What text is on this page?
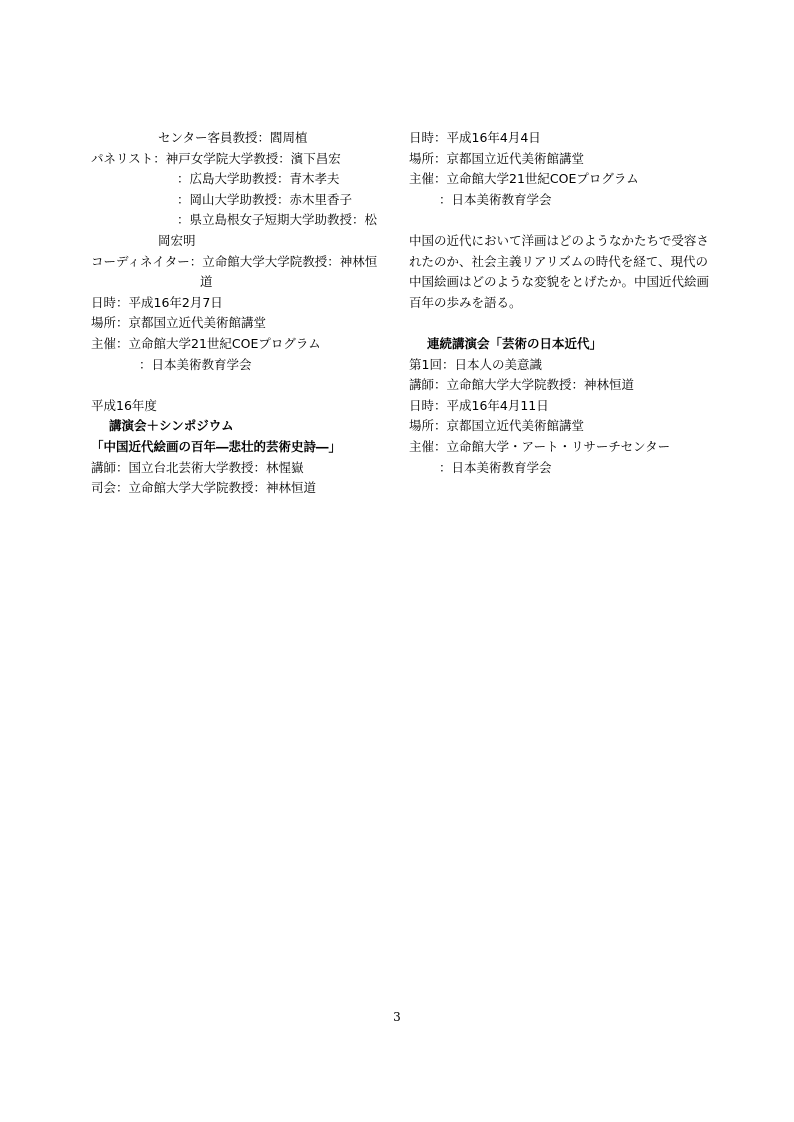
センター客員教授：閻周植
パネリスト：神戸女学院大学教授：濱下昌宏
：広島大学助教授：青木孝夫
：岡山大学助教授：赤木里香子
：県立島根女子短期大学助教授：松
岡宏明
コーディネイター：立命館大学大学院教授：神林恒
道
日時：平成16年2月7日
場所：京都国立近代美術館講堂
主催：立命館大学21世紀COEプログラム
：日本美術教育学会
平成16年度
講演会＋シンポジウム
「中国近代絵画の百年―悲壮的芸術史詩―」
講師：国立台北芸術大学教授：林惺嶽
司会：立命館大学大学院教授：神林恒道
日時：平成16年4月4日
場所：京都国立近代美術館講堂
主催：立命館大学21世紀COEプログラム
：日本美術教育学会
中国の近代において洋画はどのようなかたちで受容されたのか、社会主義リアリズムの時代を経て、現代の中国絵画はどのような変貌をとげたか。中国近代絵画百年の歩みを語る。
連続講演会「芸術の日本近代」
第1回：日本人の美意識
講師：立命館大学大学院教授：神林恒道
日時：平成16年4月11日
場所：京都国立近代美術館講堂
主催：立命館大学・アート・リサーチセンター
：日本美術教育学会
3
